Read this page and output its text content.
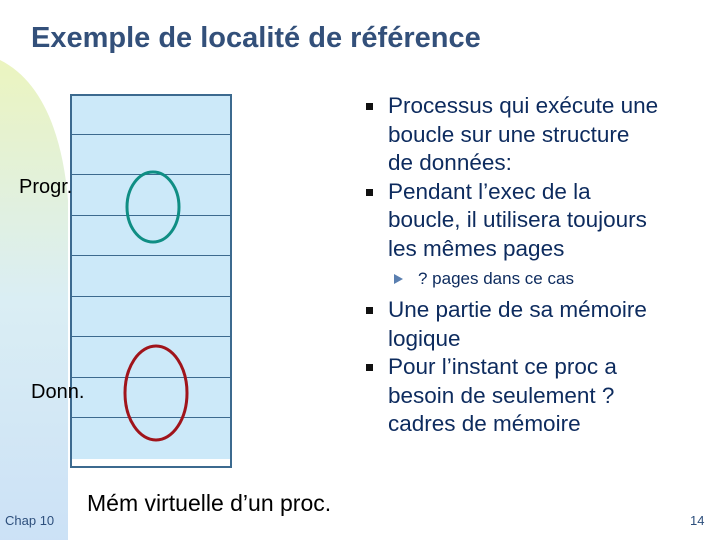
Exemple de localité de référence
Progr.
Donn.
Mém virtuelle d’un proc.
Processus qui exécute une boucle sur une structure de données:
Pendant l’exec de la boucle, il utilisera toujours les mêmes pages
? pages dans ce cas
Une partie de sa mémoire logique
Pour l’instant ce proc a besoin de seulement ? cadres de mémoire
Chap 10	14
